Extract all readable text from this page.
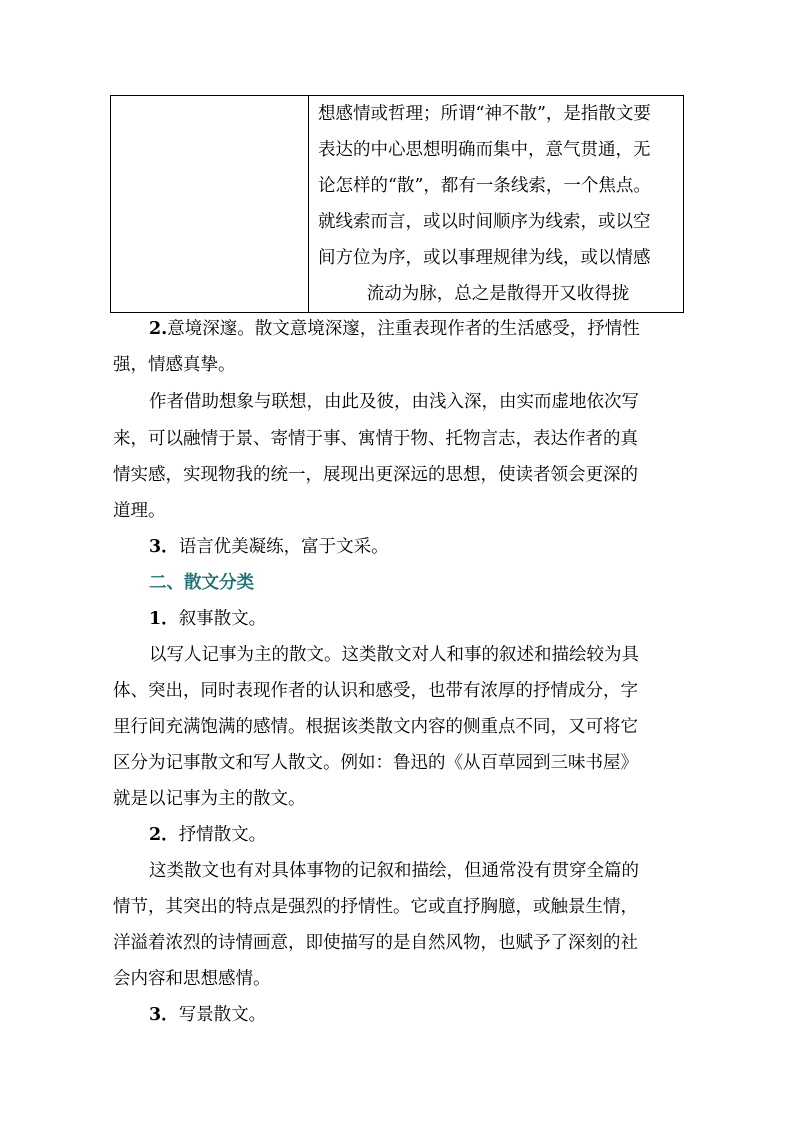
想感情或哲理；所谓“神不散”，是指散文要
表达的中心思想明确而集中，意气贯通，无
论怎样的“散”，都有一条线索，一个焦点。
就线索而言，或以时间顺序为线索，或以空
间方位为序，或以事理规律为线，或以情感
流动为脉，总之是散得开又收得拢
2.意境深邃。散文意境深邃，注重表现作者的生活感受，抒情性
强，情感真挚。
作者借助想象与联想，由此及彼，由浅入深，由实而虚地依次写
来，可以融情于景、寄情于事、寓情于物、托物言志，表达作者的真
情实感，实现物我的统一，展现出更深远的思想，使读者领会更深的
道理。
3．语言优美凝练，富于文采。
二、散文分类
1．叙事散文。
以写人记事为主的散文。这类散文对人和事的叙述和描绘较为具
体、突出，同时表现作者的认识和感受，也带有浓厚的抒情成分，字
里行间充满饱满的感情。根据该类散文内容的侧重点不同，又可将它
区分为记事散文和写人散文。例如：鲁迅的《从百草园到三味书屋》
就是以记事为主的散文。
2．抒情散文。
这类散文也有对具体事物的记叙和描绘，但通常没有贯穿全篇的
情节，其突出的特点是强烈的抒情性。它或直抒胸臆，或触景生情，
洋溢着浓烈的诗情画意，即使描写的是自然风物，也赋予了深刻的社
会内容和思想感情。
3．写景散文。
